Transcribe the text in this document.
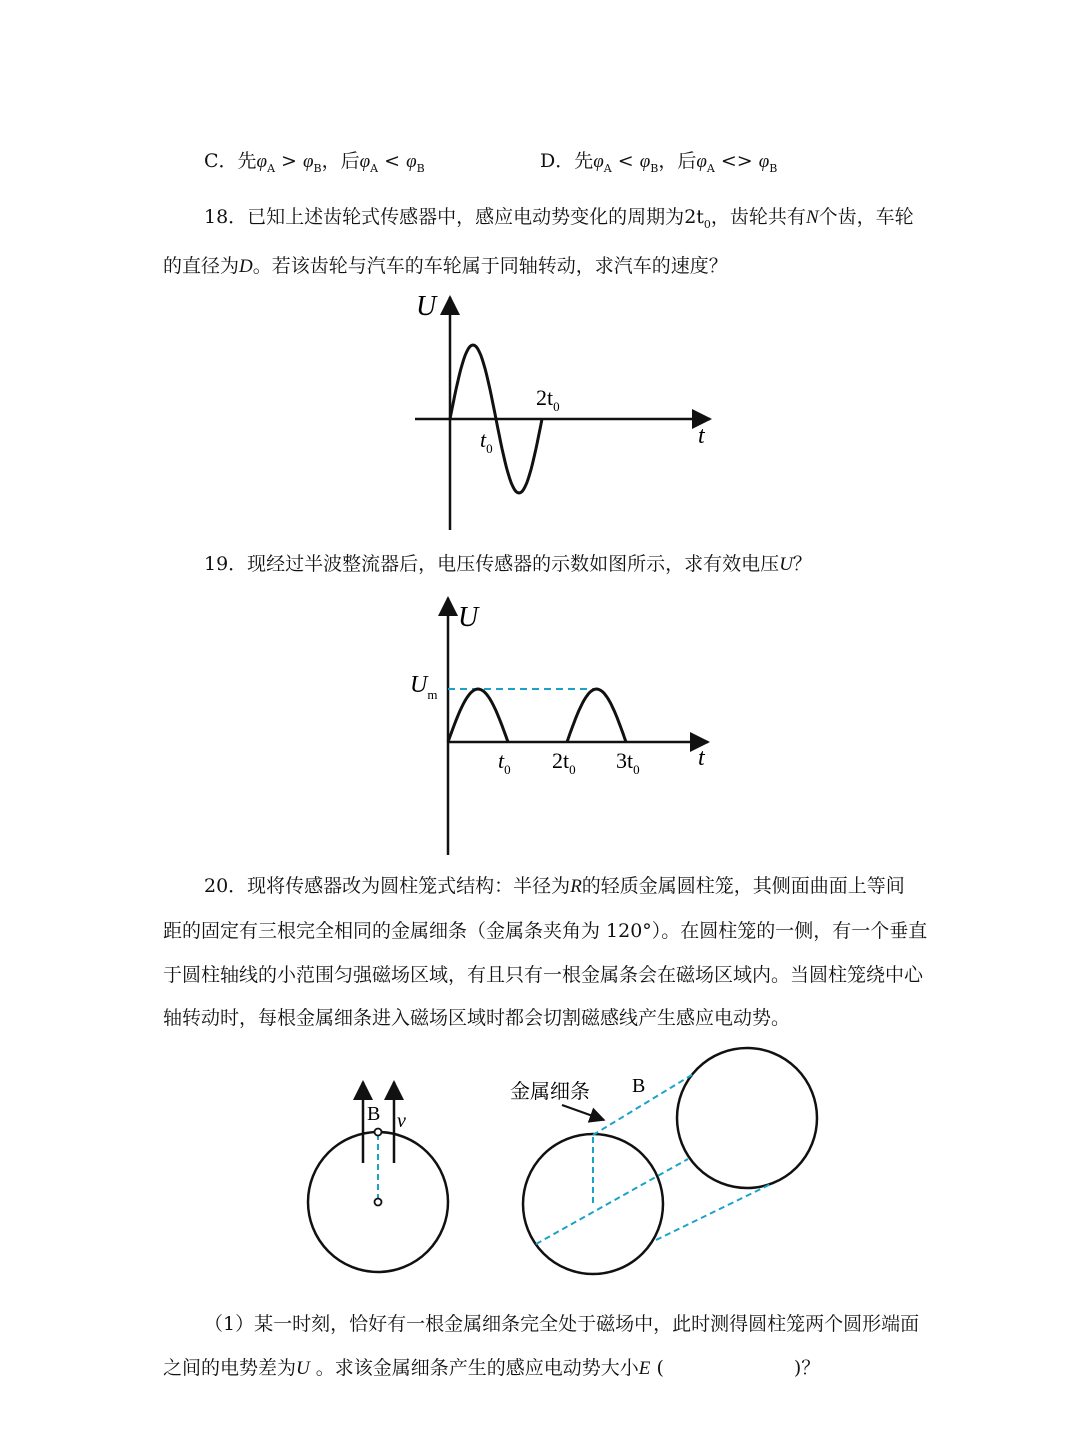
C．先$\varphi_A > \varphi_B$，后$\varphi_A < \varphi_B$	D．先$\varphi_A < \varphi_B$，后$\varphi_A <> \varphi_B$
18．已知上述齿轮式传感器中，感应电动势变化的周期为$2t_0$，齿轮共有N个齿，车轮
的直径为D。若该齿轮与汽车的车轮属于同轴转动，求汽车的速度？
U
t
$t_0$
$2t_0$
19．现经过半波整流器后，电压传感器的示数如图所示，求有效电压U？
U
t
$U_m$
$t_0$ $2t_0$ $3t_0$
20．现将传感器改为圆柱笼式结构：半径为R的轻质金属圆柱笼，其侧面曲面上等间
距的固定有三根完全相同的金属细条（金属条夹角为 120°）。在圆柱笼的一侧，有一个垂直
于圆柱轴线的小范围匀强磁场区域，有且只有一根金属条会在磁场区域内。当圆柱笼绕中心
轴转动时，每根金属细条进入磁场区域时都会切割磁感线产生感应电动势。
B v
金属细条 B
（1）某一时刻，恰好有一根金属细条完全处于磁场中，此时测得圆柱笼两个圆形端面
之间的电势差为U 。求该金属细条产生的感应电动势大小E (	)？
